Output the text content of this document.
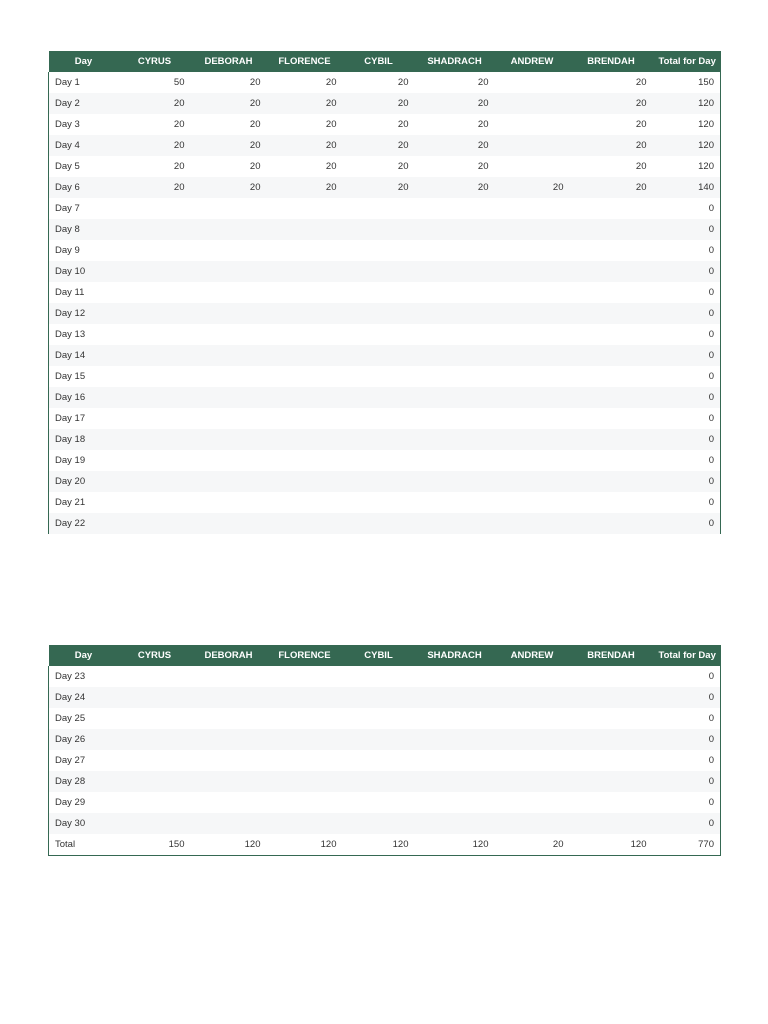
Day	CYRUS	DEBORAH	FLORENCE	CYBIL	SHADRACH	ANDREW	BRENDAH	Total for Day
Day 1	50	20	20	20	20		20	150
Day 2	20	20	20	20	20		20	120
Day 3	20	20	20	20	20		20	120
Day 4	20	20	20	20	20		20	120
Day 5	20	20	20	20	20		20	120
Day 6	20	20	20	20	20	20	20	140
Day 7								0
Day 8								0
Day 9								0
Day 10								0
Day 11								0
Day 12								0
Day 13								0
Day 14								0
Day 15								0
Day 16								0
Day 17								0
Day 18								0
Day 19								0
Day 20								0
Day 21								0
Day 22								0
Day	CYRUS	DEBORAH	FLORENCE	CYBIL	SHADRACH	ANDREW	BRENDAH	Total for Day
Day 23								0
Day 24								0
Day 25								0
Day 26								0
Day 27								0
Day 28								0
Day 29								0
Day 30								0
Total	150	120	120	120	120	20	120	770
